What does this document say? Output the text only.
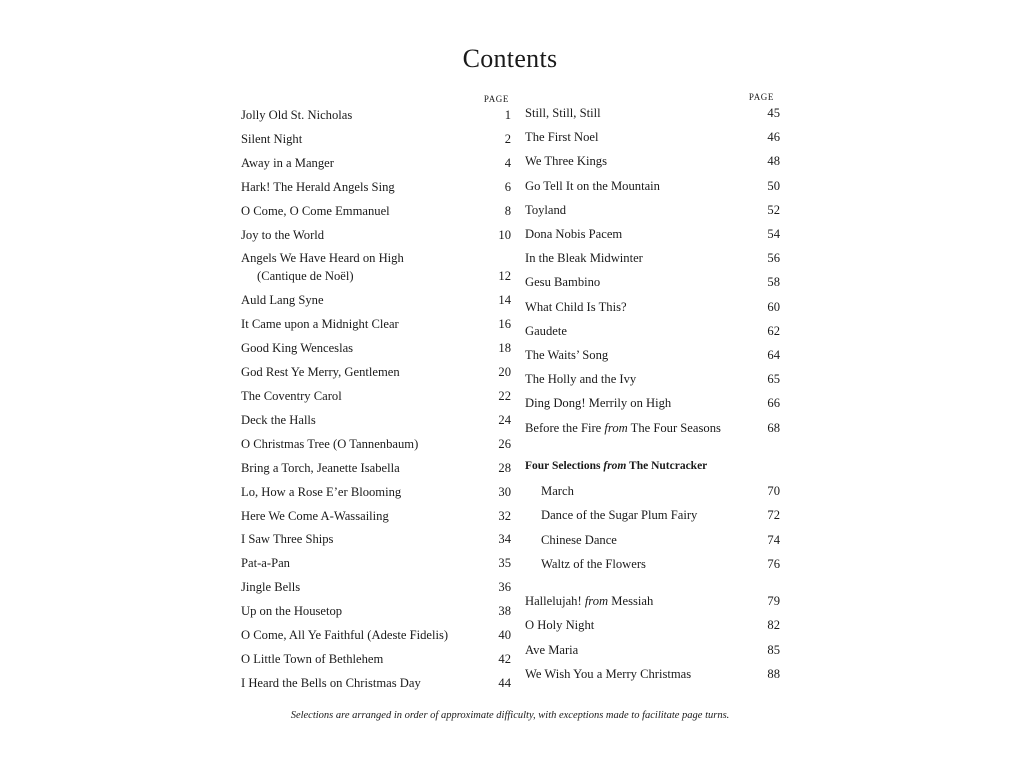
Contents
PAGE
Jolly Old St. Nicholas	1
Silent Night	2
Away in a Manger	4
Hark! The Herald Angels Sing	6
O Come, O Come Emmanuel	8
Joy to the World	10
Angels We Have Heard on High
(Cantique de Noël)	12
Auld Lang Syne	14
It Came upon a Midnight Clear	16
Good King Wenceslas	18
God Rest Ye Merry, Gentlemen	20
The Coventry Carol	22
Deck the Halls	24
O Christmas Tree (O Tannenbaum)	26
Bring a Torch, Jeanette Isabella	28
Lo, How a Rose E’er Blooming	30
Here We Come A-Wassailing	32
I Saw Three Ships	34
Pat-a-Pan	35
Jingle Bells	36
Up on the Housetop	38
O Come, All Ye Faithful (Adeste Fidelis)	40
O Little Town of Bethlehem	42
I Heard the Bells on Christmas Day	44
PAGE
Still, Still, Still	45
The First Noel	46
We Three Kings	48
Go Tell It on the Mountain	50
Toyland	52
Dona Nobis Pacem	54
In the Bleak Midwinter	56
Gesu Bambino	58
What Child Is This?	60
Gaudete	62
The Waits’ Song	64
The Holly and the Ivy	65
Ding Dong! Merrily on High	66
Before the Fire from The Four Seasons	68
Four Selections from The Nutcracker
March	70
Dance of the Sugar Plum Fairy	72
Chinese Dance	74
Waltz of the Flowers	76
Hallelujah! from Messiah	79
O Holy Night	82
Ave Maria	85
We Wish You a Merry Christmas	88
Selections are arranged in order of approximate difficulty, with exceptions made to facilitate page turns.
